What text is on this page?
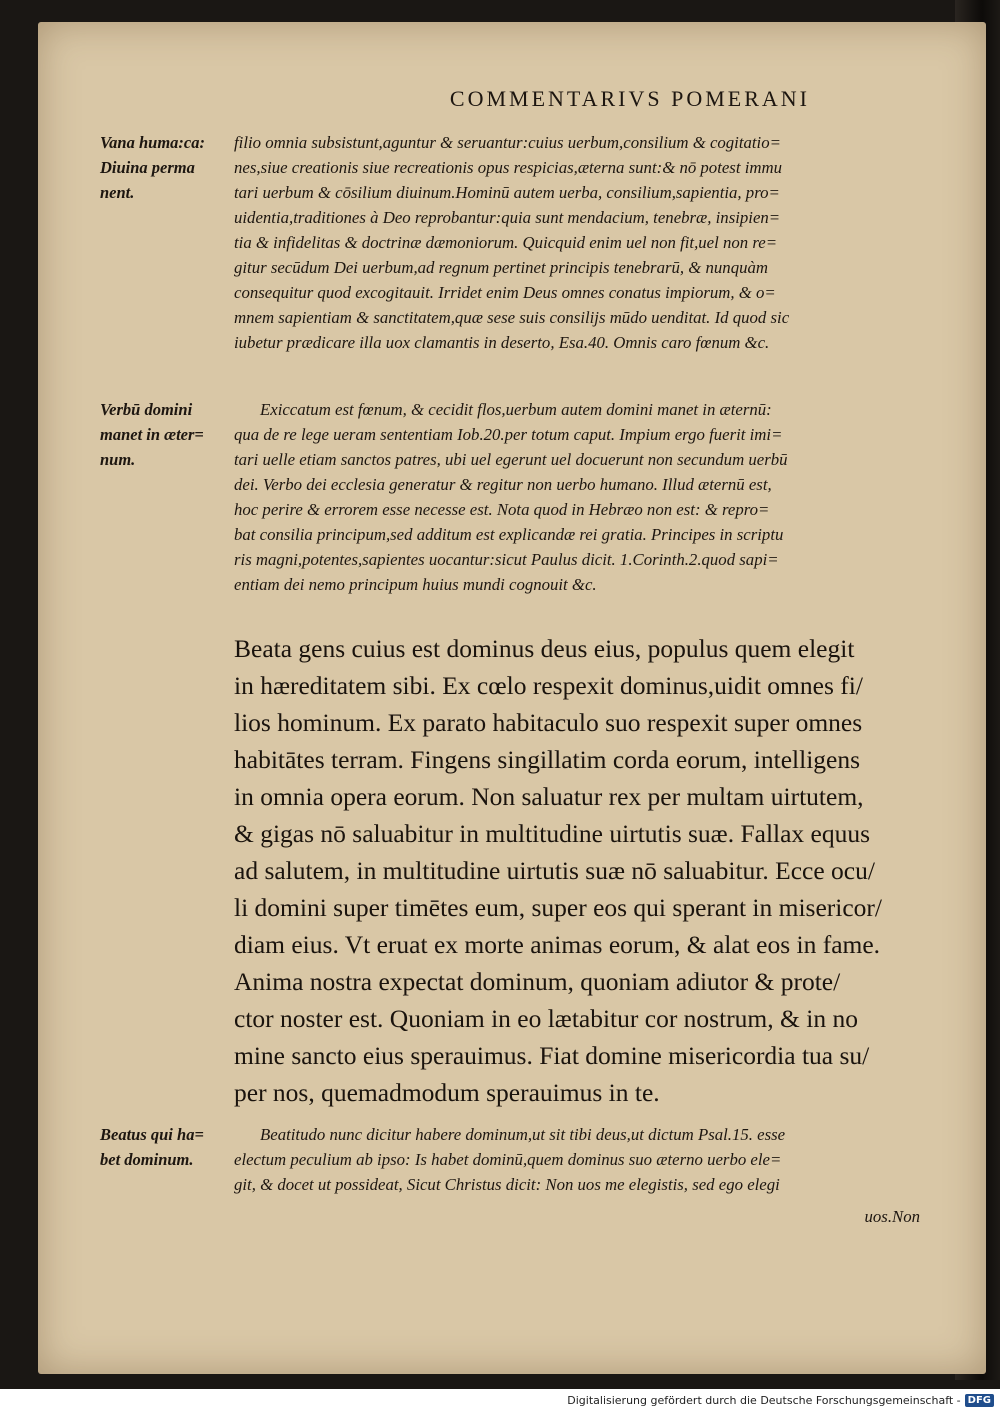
COMMENTARIVS POMERANI
Vana huma:ca:
Diuina perma
nent.
Verbū domini
manet in æter=
num.
Beatus qui ha=
bet dominum.
filio omnia subsistunt,aguntur & seruantur:cuius uerbum,consilium & cogitatio=
nes,siue creationis siue recreationis opus respicias,æterna sunt:& nō potest immu
tari uerbum & cōsilium diuinum.Hominū autem uerba, consilium,sapientia, pro=
uidentia,traditiones à Deo reprobantur:quia sunt mendacium, tenebræ, insipien=
tia & infidelitas & doctrinæ dæmoniorum. Quicquid enim uel non fit,uel non re=
gitur secūdum Dei uerbum,ad regnum pertinet principis tenebrarū, & nunquàm
consequitur quod excogitauit. Irridet enim Deus omnes conatus impiorum, & o=
mnem sapientiam & sanctitatem,quæ sese suis consilijs mūdo uenditat. Id quod sic
iubetur prædicare illa uox clamantis in deserto, Esa.40. Omnis caro fœnum &c.
Exiccatum est fœnum, & cecidit flos,uerbum autem domini manet in æternū:
qua de re lege ueram sententiam Iob.20.per totum caput. Impium ergo fuerit imi=
tari uelle etiam sanctos patres, ubi uel egerunt uel docuerunt non secundum uerbū
dei. Verbo dei ecclesia generatur & regitur non uerbo humano. Illud æternū est,
hoc perire & errorem esse necesse est. Nota quod in Hebræo non est: & repro=
bat consilia principum,sed additum est explicandæ rei gratia. Principes in scriptu
ris magni,potentes,sapientes uocantur:sicut Paulus dicit. 1.Corinth.2.quod sapi=
entiam dei nemo principum huius mundi cognouit &c.
Beata gens cuius est dominus deus eius, populus quem elegit
in hæreditatem sibi. Ex cœlo respexit dominus,uidit omnes fi/
lios hominum. Ex parato habitaculo suo respexit super omnes
habitātes terram. Fingens singillatim corda eorum, intelligens
in omnia opera eorum. Non saluatur rex per multam uirtutem,
& gigas nō saluabitur in multitudine uirtutis suæ. Fallax equus
ad salutem, in multitudine uirtutis suæ nō saluabitur. Ecce ocu/
li domini super timētes eum, super eos qui sperant in misericor/
diam eius. Vt eruat ex morte animas eorum, & alat eos in fame.
Anima nostra expectat dominum, quoniam adiutor & prote/
ctor noster est. Quoniam in eo lætabitur cor nostrum, & in no
mine sancto eius sperauimus. Fiat domine misericordia tua su/
per nos, quemadmodum sperauimus in te.
Beatitudo nunc dicitur habere dominum,ut sit tibi deus,ut dictum Psal.15. esse
electum peculium ab ipso: Is habet dominū,quem dominus suo æterno uerbo ele=
git, & docet ut possideat, Sicut Christus dicit: Non uos me elegistis, sed ego elegi
uos.Non
Digitalisierung gefördert durch die Deutsche Forschungsgemeinschaft - DFG
